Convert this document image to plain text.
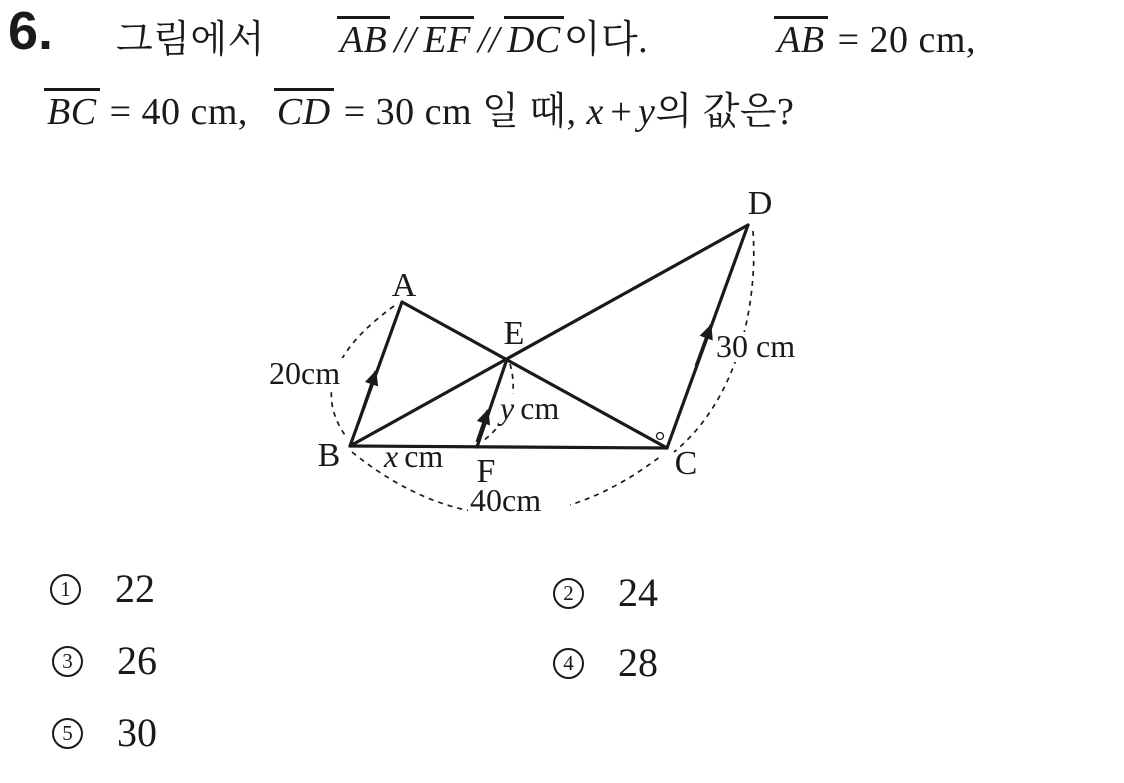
6. 그림에서 AB // EF // DC이다.	AB = 20 cm,
BC = 40 cm, CD = 30 cm 일 때, x + y의 값은?
A
B	C
D
E
F
20cm
30 cm
40cm
x cm
y cm
1 22	2 24
3 26	4 28
5 30
